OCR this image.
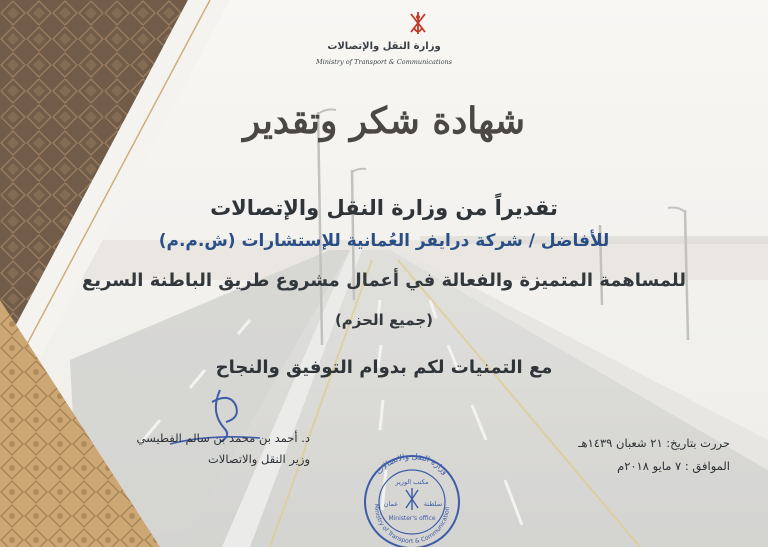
وزارة النقل والإتصالات
Ministry of Transport & Communications
شهادة شكر وتقدير
تقديراً من وزارة النقل والإتصالات
للأفاضل / شركة درايفر العُمانية للإستشارات (ش.م.م)
للمساهمة المتميزة والفعالة في أعمال مشروع طريق الباطنة السريع
(جميع الحزم)
مع التمنيات لكم بدوام التوفيق والنجاح
د. أحمد بن محمد بن سالم الفطيسي
وزير النقل والاتصالات
حررت بتاريخ: ٢١ شعبان ١٤٣٩هـ
الموافق : ٧ مايو ٢٠١٨م
وزارة النقل والاتصالات
Ministry of Transport & Communication
مكتب الوزير
عمان	سلطنة
Minister's office
